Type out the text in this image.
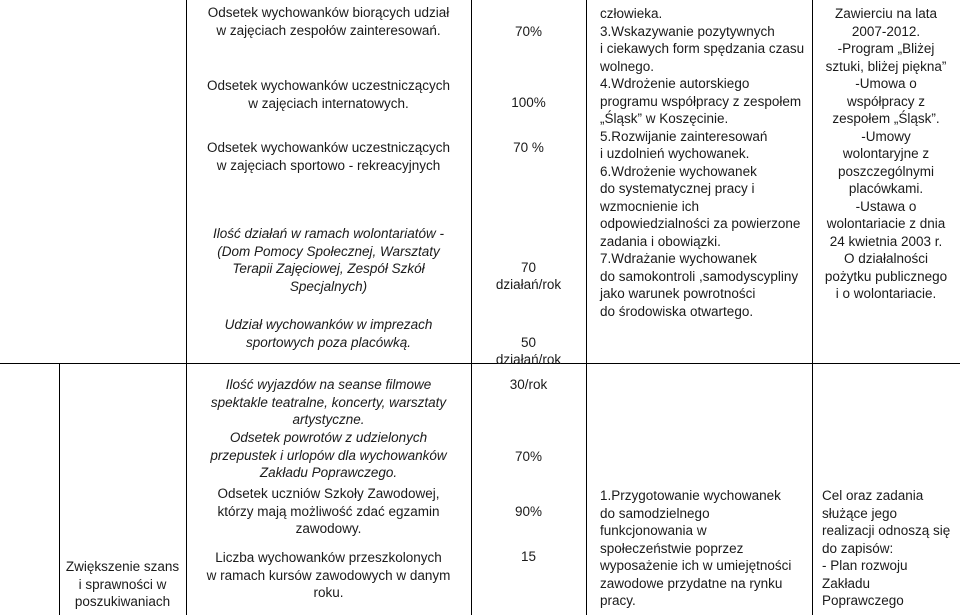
Odsetek wychowanków biorących udział
w zajęciach zespołów zainteresowań.
Odsetek wychowanków uczestniczących
w zajęciach internatowych.
Odsetek wychowanków uczestniczących
w zajęciach sportowo - rekreacyjnych
Ilość działań w ramach wolontariatów -
(Dom Pomocy Społecznej, Warsztaty
Terapii Zajęciowej, Zespół Szkół
Specjalnych)
Udział wychowanków w imprezach
sportowych poza placówką.
70%
100%
70 %

70
działań/rok

50
działań/rok

człowieka.
3.Wskazywanie pozytywnych
i ciekawych form spędzania czasu
wolnego.
4.Wdrożenie autorskiego
programu współpracy z zespołem
„Śląsk” w Koszęcinie.
5.Rozwijanie zainteresowań
i uzdolnień wychowanek.
6.Wdrożenie wychowanek
do systematycznej pracy i
wzmocnienie ich
odpowiedzialności za powierzone
zadania i obowiązki.
7.Wdrażanie wychowanek
do samokontroli ,samodyscypliny
jako warunek powrotności
do środowiska otwartego.
Zawierciu na lata
2007-2012.
-Program „Bliżej
sztuki, bliżej piękna”
-Umowa o
współpracy z
zespołem „Śląsk”.
-Umowy
wolontaryjne z
poszczególnymi
placówkami.
-Ustawa o
wolontariacie z dnia
24 kwietnia 2003 r.
O działalności
pożytku publicznego
i o wolontariacie.
Zwiększenie szans
i sprawności w
poszukiwaniach
Ilość wyjazdów na seanse filmowe
spektakle teatralne, koncerty, warsztaty
artystyczne.
Odsetek powrotów z udzielonych
przepustek i urlopów dla wychowanków
Zakładu Poprawczego.
Odsetek uczniów Szkoły Zawodowej,
którzy mają możliwość zdać egzamin
zawodowy.
Liczba wychowanków przeszkolonych
w ramach kursów zawodowych w danym
roku.
30/rok
70%
90%
15
1.Przygotowanie wychowanek
do samodzielnego
funkcjonowania w
społeczeństwie poprzez
wyposażenie ich w umiejętności
zawodowe przydatne na rynku
pracy.
Cel oraz zadania
służące jego
realizacji odnoszą się
do zapisów:
- Plan rozwoju
Zakładu
Poprawczego
